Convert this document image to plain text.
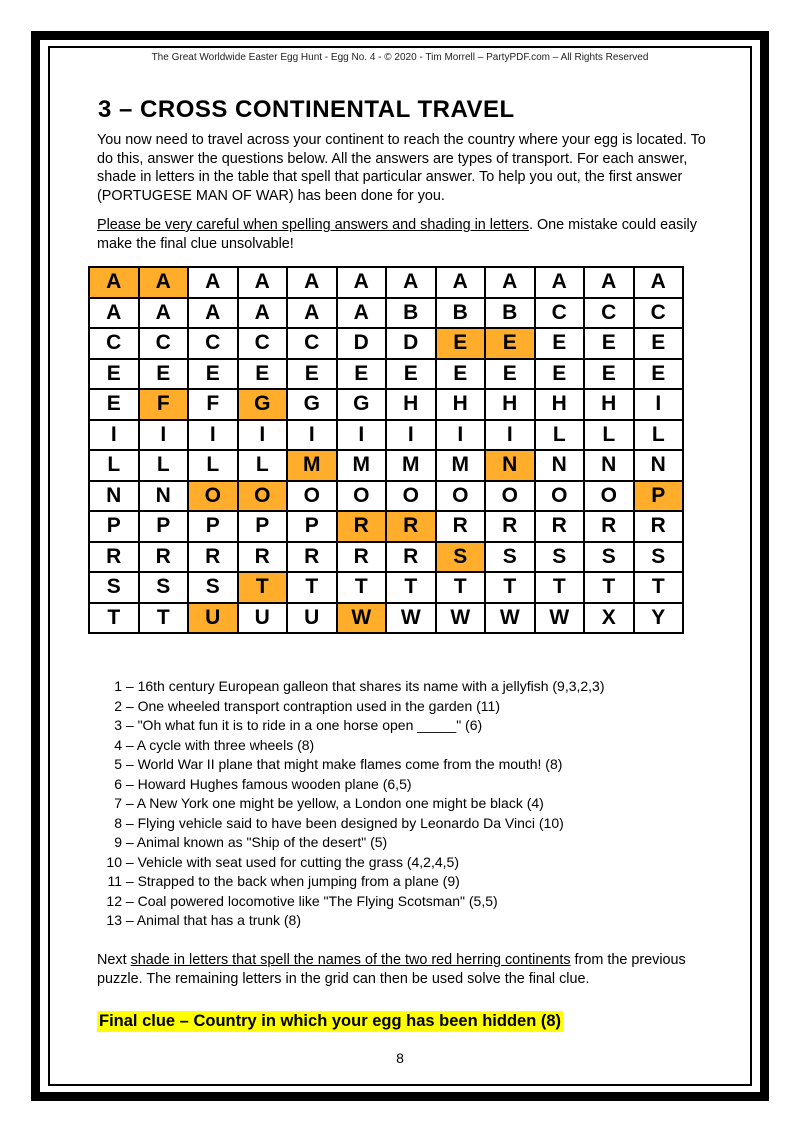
The Great Worldwide Easter Egg Hunt - Egg No. 4 - © 2020 - Tim Morrell – PartyPDF.com – All Rights Reserved
3 – CROSS CONTINENTAL TRAVEL
You now need to travel across your continent to reach the country where your egg is located. To do this, answer the questions below. All the answers are types of transport. For each answer, shade in letters in the table that spell that particular answer. To help you out, the first answer (PORTUGESE MAN OF WAR) has been done for you.
Please be very careful when spelling answers and shading in letters. One mistake could easily make the final clue unsolvable!
A	A	A	A	A	A	A	A	A	A	A	A
A	A	A	A	A	A	B	B	B	C	C	C
C	C	C	C	C	D	D	E	E	E	E	E
E	E	E	E	E	E	E	E	E	E	E	E
E	F	F	G	G	G	H	H	H	H	H	I
I	I	I	I	I	I	I	I	I	L	L	L
L	L	L	L	M	M	M	M	N	N	N	N
N	N	O	O	O	O	O	O	O	O	O	P
P	P	P	P	P	R	R	R	R	R	R	R
R	R	R	R	R	R	R	S	S	S	S	S
S	S	S	T	T	T	T	T	T	T	T	T
T	T	U	U	U	W	W	W	W	W	X	Y
1 – 16th century European galleon that shares its name with a jellyfish (9,3,2,3)
2 – One wheeled transport contraption used in the garden (11)
3 – "Oh what fun it is to ride in a one horse open _____" (6)
4 – A cycle with three wheels (8)
5 – World War II plane that might make flames come from the mouth! (8)
6 – Howard Hughes famous wooden plane (6,5)
7 – A New York one might be yellow, a London one might be black (4)
8 – Flying vehicle said to have been designed by Leonardo Da Vinci (10)
9 – Animal known as "Ship of the desert" (5)
10 – Vehicle with seat used for cutting the grass (4,2,4,5)
11 – Strapped to the back when jumping from a plane (9)
12 – Coal powered locomotive like "The Flying Scotsman" (5,5)
13 – Animal that has a trunk (8)
Next shade in letters that spell the names of the two red herring continents from the previous puzzle. The remaining letters in the grid can then be used solve the final clue.
Final clue – Country in which your egg has been hidden (8)
8
